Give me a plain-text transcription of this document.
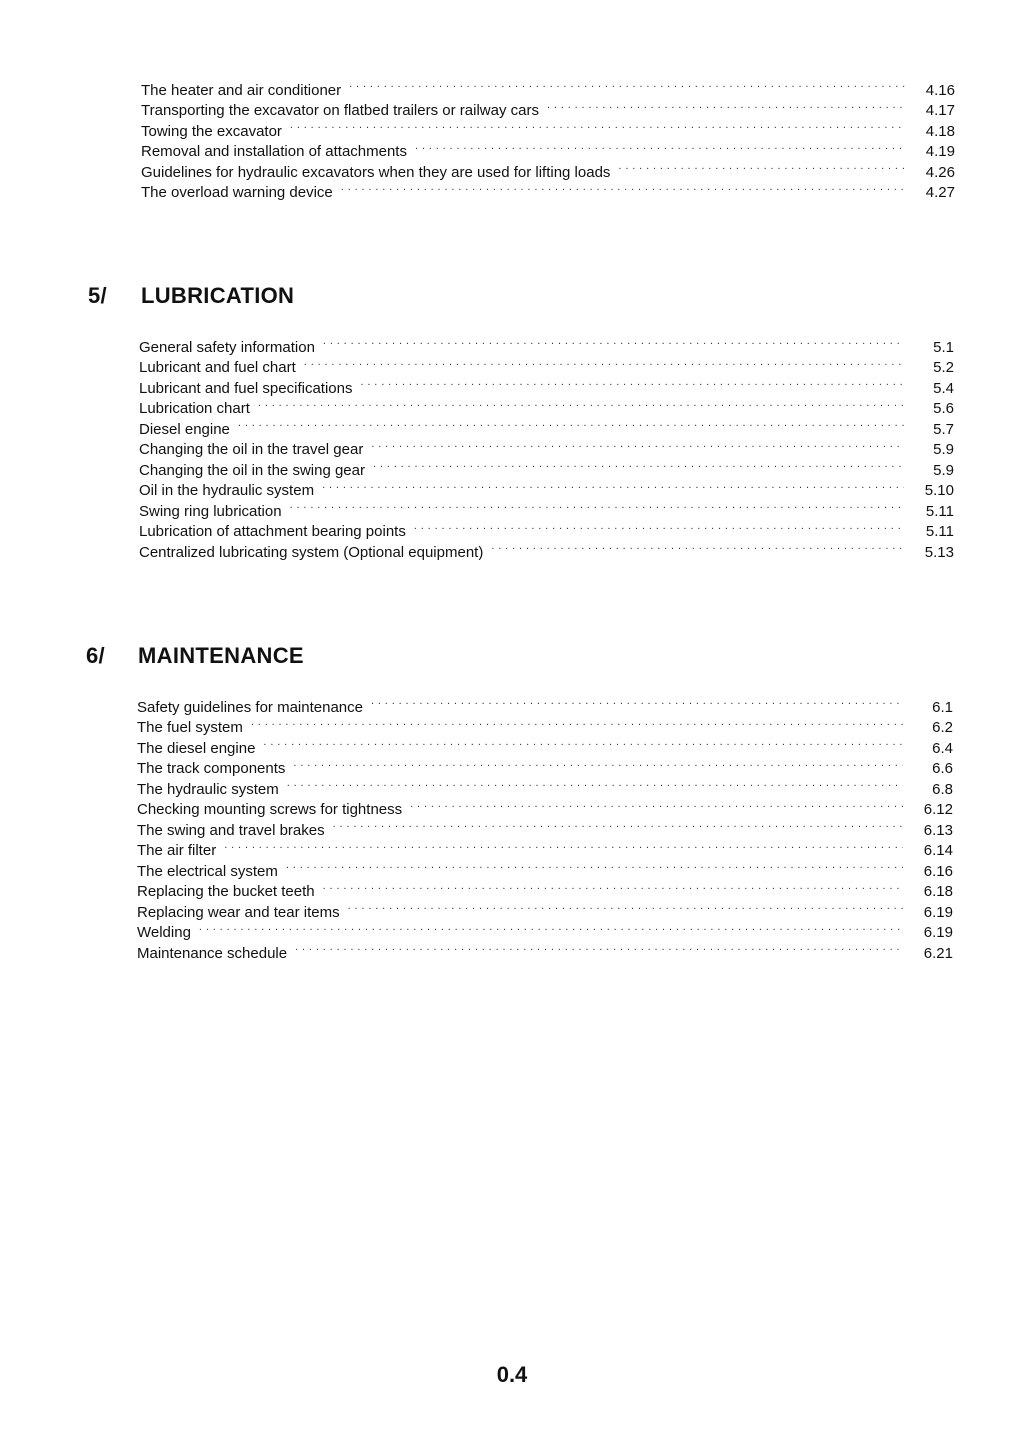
The heater and air conditioner . . .	4.16
Transporting the excavator on flatbed trailers or railway cars . . .	4.17
Towing the excavator . . .	4.18
Removal and installation of attachments . . .	4.19
Guidelines for hydraulic excavators when they are used for lifting loads . . .	4.26
The overload warning device . . .	4.27
5/ LUBRICATION
General safety information . . .	5.1
Lubricant and fuel chart . . .	5.2
Lubricant and fuel specifications . . .	5.4
Lubrication chart . . .	5.6
Diesel engine . . .	5.7
Changing the oil in the travel gear . . .	5.9
Changing the oil in the swing gear . . .	5.9
Oil in the hydraulic system . . .	5.10
Swing ring lubrication . . .	5.11
Lubrication of attachment bearing points . . .	5.11
Centralized lubricating system (Optional equipment) . . .	5.13
6/ MAINTENANCE
Safety guidelines for maintenance . . .	6.1
The fuel system . . .	6.2
The diesel engine . . .	6.4
The track components . . .	6.6
The hydraulic system . . .	6.8
Checking mounting screws for tightness . . .	6.12
The swing and travel brakes . . .	6.13
The air filter . . .	6.14
The electrical system . . .	6.16
Replacing the bucket teeth . . .	6.18
Replacing wear and tear items . . .	6.19
Welding . . .	6.19
Maintenance schedule . . .	6.21
0.4
